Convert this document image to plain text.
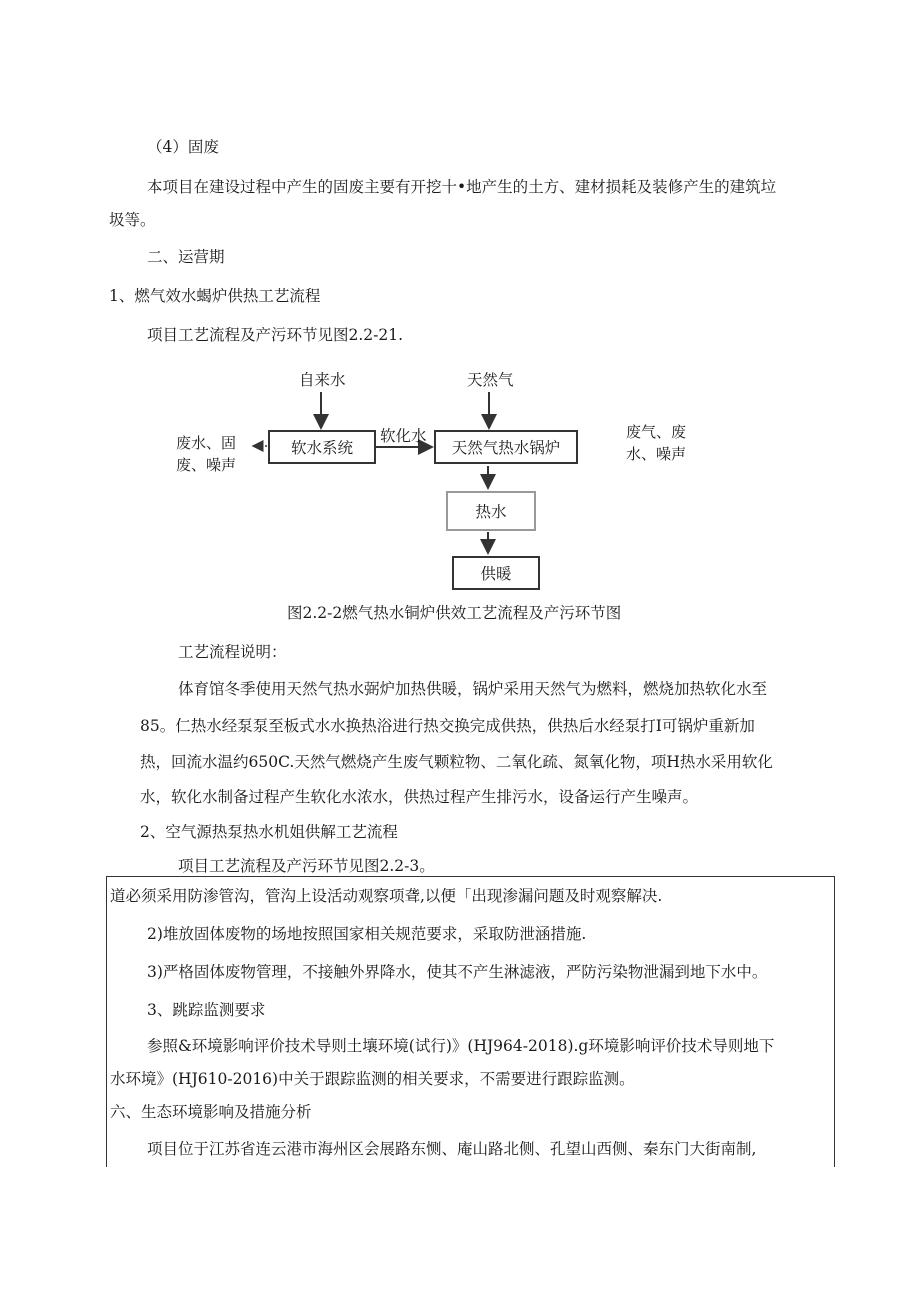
（4）固废
本项目在建设过程中产生的固废主要有开挖十•地产生的土方、建材损耗及装修产生的建筑垃
圾等。
二、运营期
1、燃气效水蝎炉供热工艺流程
项目工艺流程及产污环节见图2.2-21.
自来水	天然气
软水系统
软化水
天然气热水锅炉
热水
供暖
废水、固
废、噪声
废气、废
水、噪声
图2.2-2燃气热水铜炉供效工艺流程及产污环节图
工艺流程说明：
体育馆冬季使用天然气热水弼炉加热供暖，锅炉采用天然气为燃料，燃烧加热软化水至
85。仁热水经泵泵至板式水水换热浴进行热交换完成供热，供热后水经泵打I可锅炉重新加
热，回流水温约650C.天然气燃烧产生废气颗粒物、二氧化疏、氮氧化物，项H热水采用软化
水，软化水制备过程产生软化水浓水，供热过程产生排污水，设备运行产生噪声。
2、空气源热泵热水机姐供解工艺流程
项目工艺流程及产污环节见图2.2-3。
道必须采用防渗管沟，管沟上设活动观察项聋,以便「出现渗漏问题及时观察解决.
2)堆放固体废物的场地按照国家相关规范要求，采取防泄涵措施.
3)严格固体废物管理，不接触外界降水，使其不产生淋滤液，严防污染物泄漏到地下水中。
3、跳踪监测要求
参照&环境影响评价技术导则土壤环境(试行)》(HJ964-2018).g环境影响评价技术导则地下
水环境》(HJ610-2016)中关于跟踪监测的相关要求，不需要进行跟踪监测。
六、生态环境影响及措施分析
项目位于江苏省连云港市海州区会展路东恻、庵山路北侧、孔望山西侧、秦东门大街南制,
